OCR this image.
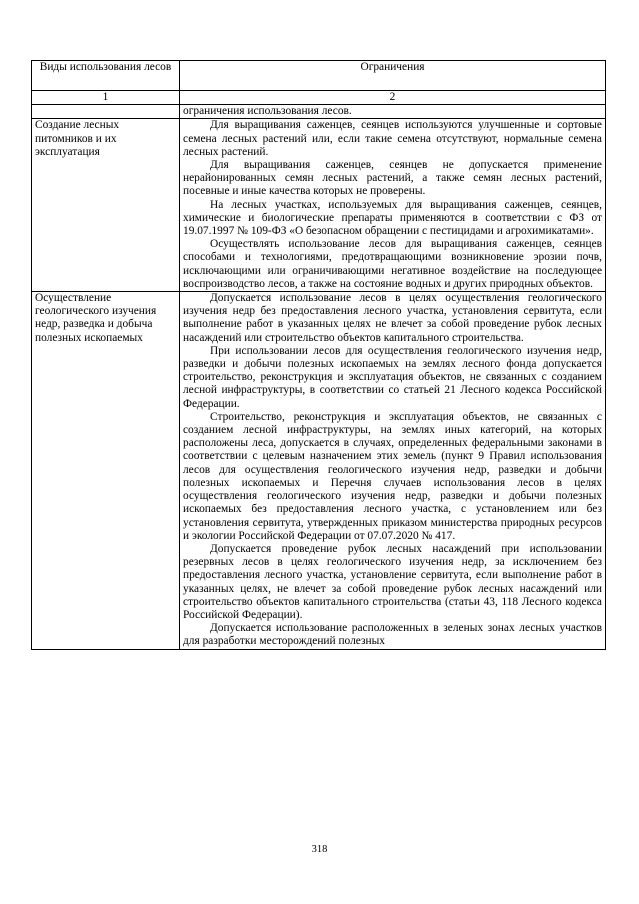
Виды использования лесов	Ограничения
1	2
	ограничения использования лесов.
Создание лесных питомников и их эксплуатация	Для выращивания саженцев, сеянцев используются улучшенные и сортовые семена лесных растений или, если такие семена отсутствуют, нормальные семена лесных растений.

Для выращивания саженцев, сеянцев не допускается применение нерайонированных семян лесных растений, а также семян лесных растений, посевные и иные качества которых не проверены.

На лесных участках, используемых для выращивания саженцев, сеянцев, химические и биологические препараты применяются в соответствии с ФЗ от 19.07.1997 № 109-ФЗ «О безопасном обращении с пестицидами и агрохимикатами».

Осуществлять использование лесов для выращивания саженцев, сеянцев способами и технологиями, предотвращающими возникновение эрозии почв, исключающими или ограничивающими негативное воздействие на последующее воспроизводство лесов, а также на состояние водных и других природных объектов.

Осуществление геологического изучения недр, разведка и добыча полезных ископаемых	Допускается использование лесов в целях осуществления геологического изучения недр без предоставления лесного участка, установления сервитута, если выполнение работ в указанных целях не влечет за собой проведение рубок лесных насаждений или строительство объектов капитального строительства.

При использовании лесов для осуществления геологического изучения недр, разведки и добычи полезных ископаемых на землях лесного фонда допускается строительство, реконструкция и эксплуатация объектов, не связанных с созданием лесной инфраструктуры, в соответствии со статьей 21 Лесного кодекса Российской Федерации.

Строительство, реконструкция и эксплуатация объектов, не связанных с созданием лесной инфраструктуры, на землях иных категорий, на которых расположены леса, допускается в случаях, определенных федеральными законами в соответствии с целевым назначением этих земель (пункт 9 Правил использования лесов для осуществления геологического изучения недр, разведки и добычи полезных ископаемых и Перечня случаев использования лесов в целях осуществления геологического изучения недр, разведки и добычи полезных ископаемых без предоставления лесного участка, с установлением или без установления сервитута, утвержденных приказом министерства природных ресурсов и экологии Российской Федерации от 07.07.2020 № 417.

Допускается проведение рубок лесных насаждений при использовании резервных лесов в целях геологического изучения недр, за исключением без предоставления лесного участка, установление сервитута, если выполнение работ в указанных целях, не влечет за собой проведение рубок лесных насаждений или строительство объектов капитального строительства (статьи 43, 118 Лесного кодекса Российской Федерации).

Допускается использование расположенных в зеленых зонах лесных участков для разработки месторождений полезных

318
